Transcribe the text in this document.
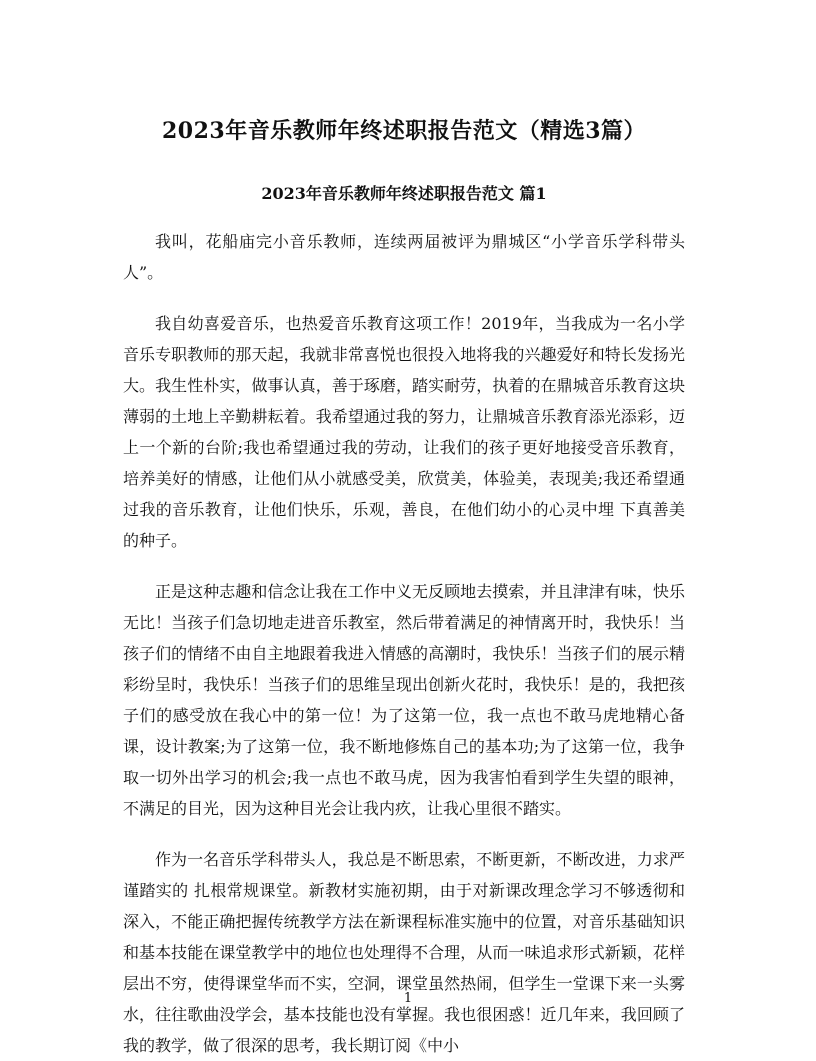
2023年音乐教师年终述职报告范文（精选3篇）
2023年音乐教师年终述职报告范文 篇1

我叫，花船庙完小音乐教师，连续两届被评为鼎城区“小学音乐学科带头人”。

我自幼喜爱音乐，也热爱音乐教育这项工作！2019年，当我成为一名小学音乐专职教师的那天起，我就非常喜悦也很投入地将我的兴趣爱好和特长发扬光大。我生性朴实，做事认真，善于琢磨，踏实耐劳，执着的在鼎城音乐教育这块薄弱的土地上辛勤耕耘着。我希望通过我的努力，让鼎城音乐教育添光添彩，迈上一个新的台阶;我也希望通过我的劳动，让我们的孩子更好地接受音乐教育，培养美好的情感，让他们从小就感受美，欣赏美，体验美，表现美;我还希望通过我的音乐教育，让他们快乐，乐观，善良，在他们幼小的心灵中埋 下真善美的种子。

正是这种志趣和信念让我在工作中义无反顾地去摸索，并且津津有味，快乐无比！当孩子们急切地走进音乐教室，然后带着满足的神情离开时，我快乐！当孩子们的情绪不由自主地跟着我进入情感的高潮时，我快乐！当孩子们的展示精彩纷呈时，我快乐！当孩子们的思维呈现出创新火花时，我快乐！是的，我把孩子们的感受放在我心中的第一位！为了这第一位，我一点也不敢马虎地精心备课，设计教案;为了这第一位，我不断地修炼自己的基本功;为了这第一位，我争取一切外出学习的机会;我一点也不敢马虎，因为我害怕看到学生失望的眼神，不满足的目光，因为这种目光会让我内疚，让我心里很不踏实。

作为一名音乐学科带头人，我总是不断思索，不断更新，不断改进，力求严谨踏实的 扎根常规课堂。新教材实施初期，由于对新课改理念学习不够透彻和深入，不能正确把握传统教学方法在新课程标准实施中的位置，对音乐基础知识和基本技能在课堂教学中的地位也处理得不合理，从而一味追求形式新颖，花样层出不穷，使得课堂华而不实，空洞，课堂虽然热闹，但学生一堂课下来一头雾水，往往歌曲没学会，基本技能也没有掌握。我也很困惑！近几年来，我回顾了我的教学，做了很深的思考，我长期订阅《中小

1
